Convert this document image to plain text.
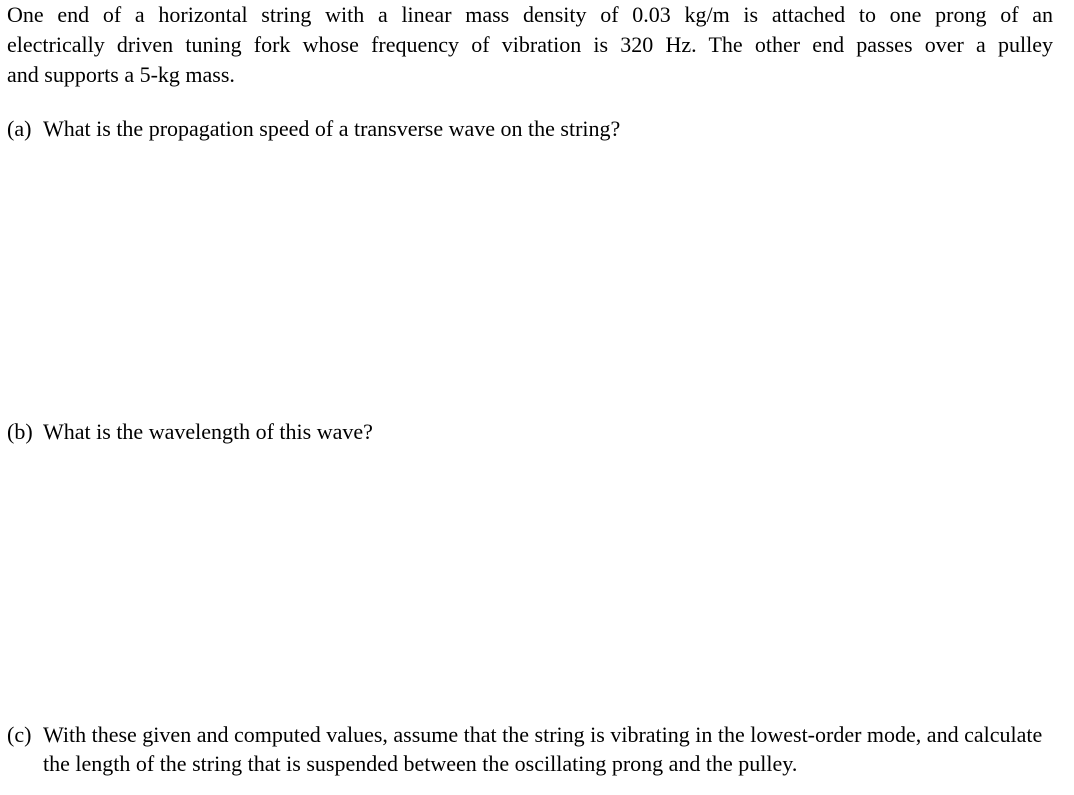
One end of a horizontal string with a linear mass density of 0.03 kg/m is attached to one prong of an
electrically driven tuning fork whose frequency of vibration is 320 Hz. The other end passes over a pulley
and supports a 5-kg mass.
(a) What is the propagation speed of a transverse wave on the string?
(b) What is the wavelength of this wave?
(c) With these given and computed values, assume that the string is vibrating in the lowest-order mode, and calculate the length of the string that is suspended between the oscillating prong and the pulley.
